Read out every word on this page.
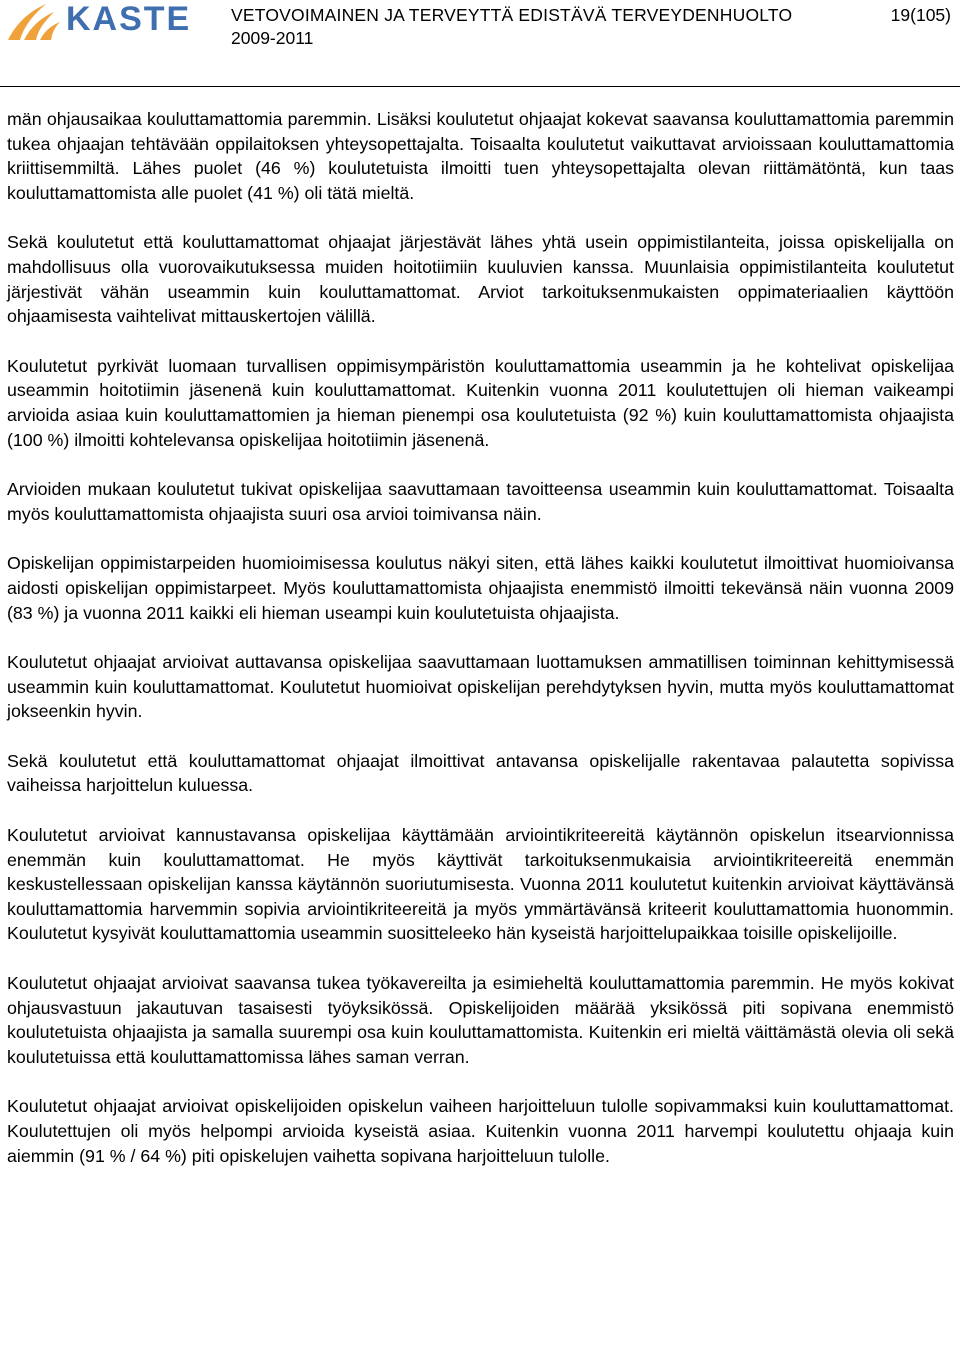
KASTE VETOVOIMAINEN JA TERVEYTTÄ EDISTÄVÄ TERVEYDENHUOLTO
2009-2011
19(105)

män ohjausaikaa kouluttamattomia paremmin. Lisäksi koulutetut ohjaajat kokevat saavansa kouluttamattomia paremmin tukea ohjaajan tehtävään oppilaitoksen yhteysopettajalta. Toisaalta koulutetut vaikuttavat arvioissaan kouluttamattomia kriittisemmiltä. Lähes puolet (46 %) koulutetuista ilmoitti tuen yhteysopettajalta olevan riittämätöntä, kun taas kouluttamattomista alle puolet (41 %) oli tätä mieltä.

Sekä koulutetut että kouluttamattomat ohjaajat järjestävät lähes yhtä usein oppimistilanteita, joissa opiskelijalla on mahdollisuus olla vuorovaikutuksessa muiden hoitotiimiin kuuluvien kanssa. Muunlaisia oppimistilanteita koulutetut järjestivät vähän useammin kuin kouluttamattomat. Arviot tarkoituksenmukaisten oppimateriaalien käyttöön ohjaamisesta vaihtelivat mittauskertojen välillä.

Koulutetut pyrkivät luomaan turvallisen oppimisympäristön kouluttamattomia useammin ja he kohtelivat opiskelijaa useammin hoitotiimin jäsenenä kuin kouluttamattomat. Kuitenkin vuonna 2011 koulutettujen oli hieman vaikeampi arvioida asiaa kuin kouluttamattomien ja hieman pienempi osa koulutetuista (92 %) kuin kouluttamattomista ohjaajista (100 %) ilmoitti kohtelevansa opiskelijaa hoitotiimin jäsenenä.

Arvioiden mukaan koulutetut tukivat opiskelijaa saavuttamaan tavoitteensa useammin kuin kouluttamattomat. Toisaalta myös kouluttamattomista ohjaajista suuri osa arvioi toimivansa näin.

Opiskelijan oppimistarpeiden huomioimisessa koulutus näkyi siten, että lähes kaikki koulutetut ilmoittivat huomioivansa aidosti opiskelijan oppimistarpeet. Myös kouluttamattomista ohjaajista enemmistö ilmoitti tekevänsä näin vuonna 2009 (83 %) ja vuonna 2011 kaikki eli hieman useampi kuin koulutetuista ohjaajista.

Koulutetut ohjaajat arvioivat auttavansa opiskelijaa saavuttamaan luottamuksen ammatillisen toiminnan kehittymisessä useammin kuin kouluttamattomat. Koulutetut huomioivat opiskelijan perehdytyksen hyvin, mutta myös kouluttamattomat jokseenkin hyvin.

Sekä koulutetut että kouluttamattomat ohjaajat ilmoittivat antavansa opiskelijalle rakentavaa palautetta sopivissa vaiheissa harjoittelun kuluessa.

Koulutetut arvioivat kannustavansa opiskelijaa käyttämään arviointikriteereitä käytännön opiskelun itsearvionnissa enemmän kuin kouluttamattomat. He myös käyttivät tarkoituksenmukaisia arviointikriteereitä enemmän keskustellessaan opiskelijan kanssa käytännön suoriutumisesta. Vuonna 2011 koulutetut kuitenkin arvioivat käyttävänsä kouluttamattomia harvemmin sopivia arviointikriteereitä ja myös ymmärtävänsä kriteerit kouluttamattomia huonommin. Koulutetut kysyivät kouluttamattomia useammin suositteleeko hän kyseistä harjoittelupaikkaa toisille opiskelijoille.

Koulutetut ohjaajat arvioivat saavansa tukea työkavereilta ja esimieheltä kouluttamattomia paremmin. He myös kokivat ohjausvastuun jakautuvan tasaisesti työyksikössä. Opiskelijoiden määrää yksikössä piti sopivana enemmistö koulutetuista ohjaajista ja samalla suurempi osa kuin kouluttamattomista. Kuitenkin eri mieltä väittämästä olevia oli sekä koulutetuissa että kouluttamattomissa lähes saman verran.

Koulutetut ohjaajat arvioivat opiskelijoiden opiskelun vaiheen harjoitteluun tulolle sopivammaksi kuin kouluttamattomat. Koulutettujen oli myös helpompi arvioida kyseistä asiaa. Kuitenkin vuonna 2011 harvempi koulutettu ohjaaja kuin aiemmin (91 % / 64 %) piti opiskelujen vaihetta sopivana harjoitteluun tulolle.
